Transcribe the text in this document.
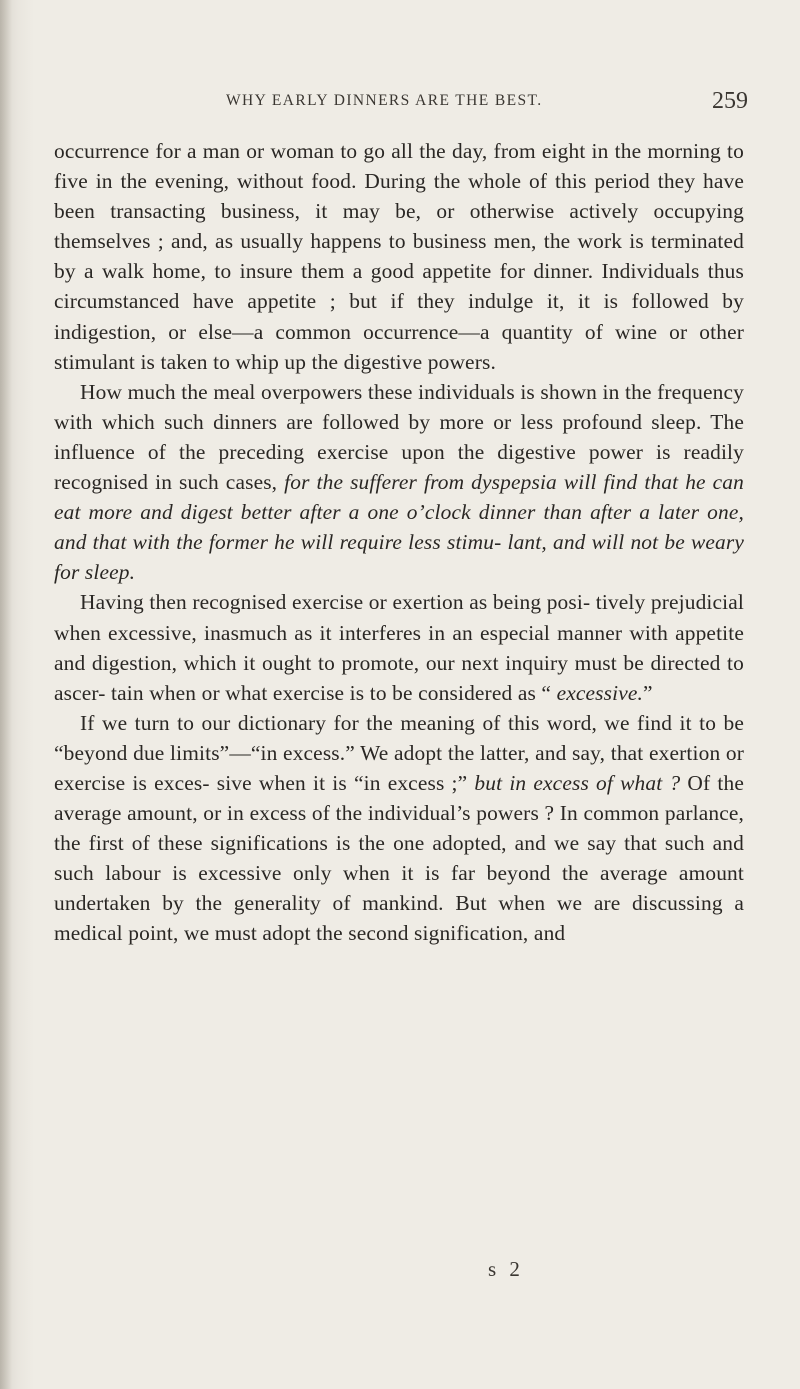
WHY EARLY DINNERS ARE THE BEST.	259

occurrence for a man or woman to go all the day, from eight in the morning to five in the evening, without food. During the whole of this period they have been transacting business, it may be, or otherwise actively occupying themselves ; and, as usually happens to business men, the work is terminated by a walk home, to insure them a good appetite for dinner. Individuals thus circumstanced have appetite ; but if they indulge it, it is followed by indigestion, or else—a common occurrence—a quantity of wine or other stimulant is taken to whip up the digestive powers.

How much the meal overpowers these individuals is shown in the frequency with which such dinners are followed by more or less profound sleep. The influence of the preceding exercise upon the digestive power is readily recognised in such cases, for the sufferer from dyspepsia will find that he can eat more and digest better after a one o’clock dinner than after a later one, and that with the former he will require less stimu- lant, and will not be weary for sleep.

Having then recognised exercise or exertion as being posi- tively prejudicial when excessive, inasmuch as it interferes in an especial manner with appetite and digestion, which it ought to promote, our next inquiry must be directed to ascer- tain when or what exercise is to be considered as “ excessive.”

If we turn to our dictionary for the meaning of this word, we find it to be “beyond due limits”—“in excess.” We adopt the latter, and say, that exertion or exercise is exces- sive when it is “in excess ;” but in excess of what ? Of the average amount, or in excess of the individual’s powers ? In common parlance, the first of these significations is the one adopted, and we say that such and such labour is excessive only when it is far beyond the average amount undertaken by the generality of mankind. But when we are discussing a medical point, we must adopt the second signification, and

s 2
